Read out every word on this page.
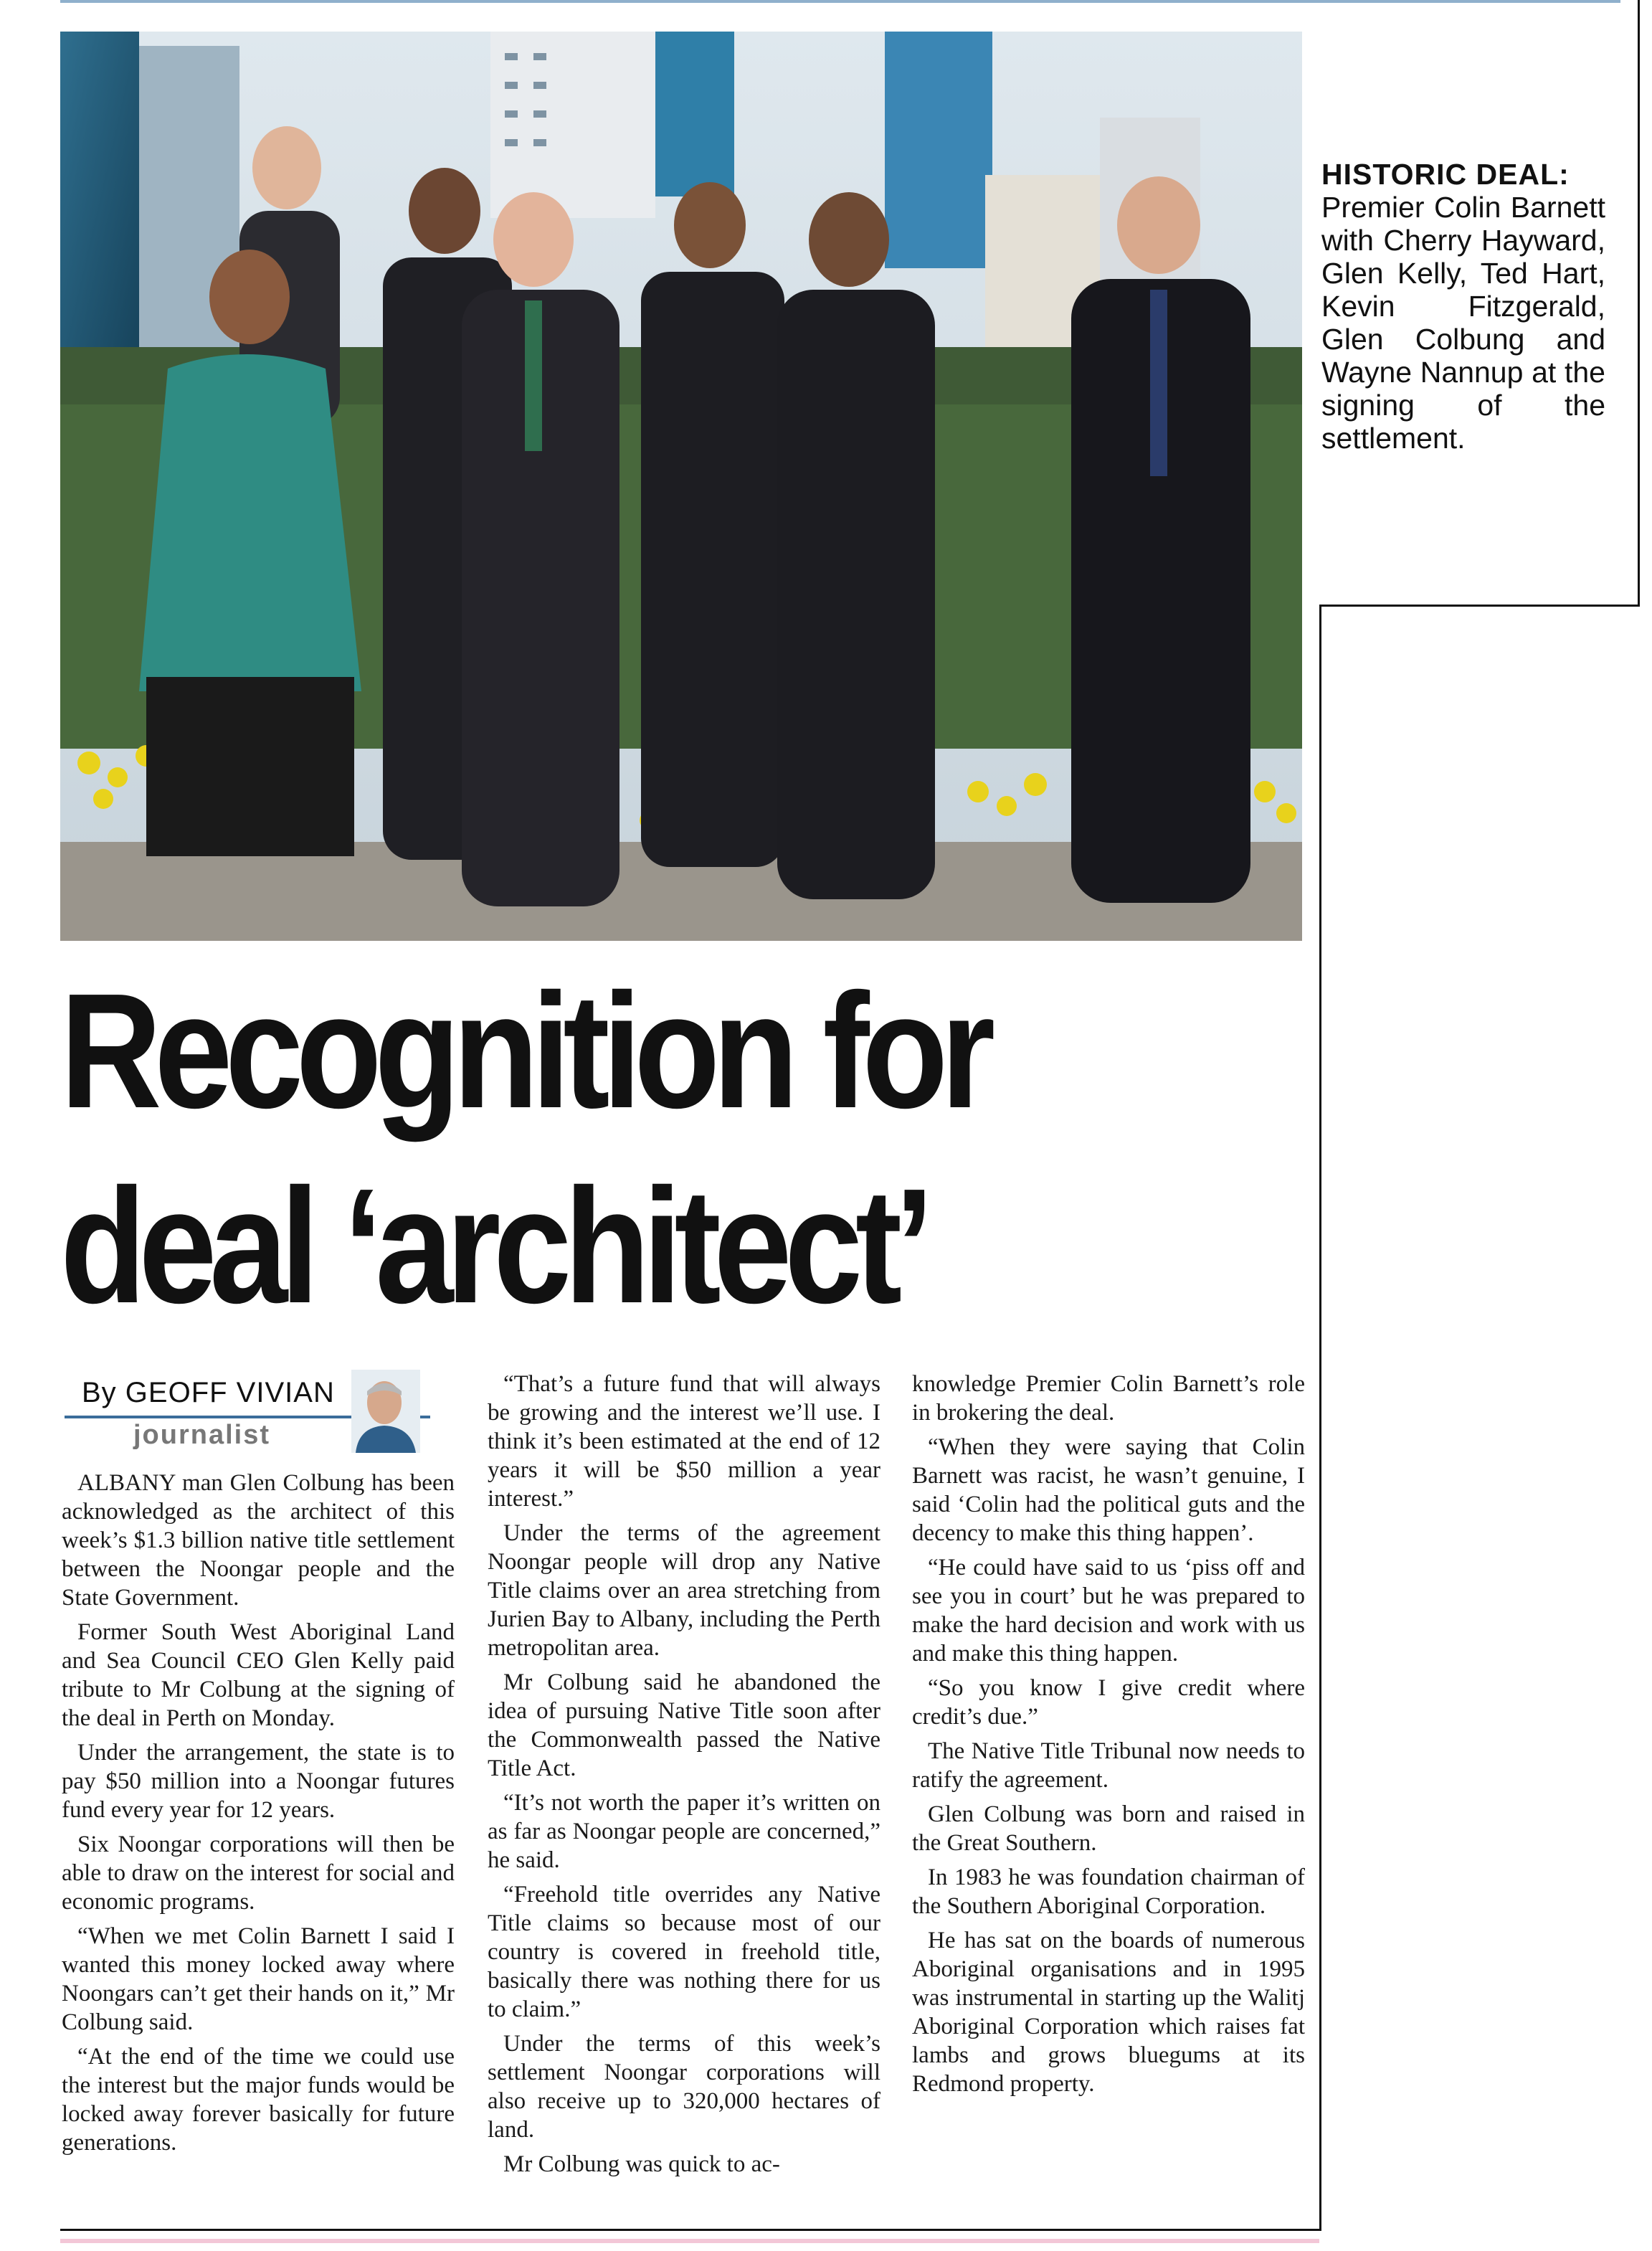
HISTORIC DEAL:
Premier Colin Barnett with Cherry Hayward, Glen Kelly, Ted Hart, Kevin Fitzgerald, Glen Colbung and Wayne Nannup at the signing of the settlement.
Recognition for
deal ‘architect’
By GEOFF VIVIAN
journalist

ALBANY man Glen Colbung has been acknowledged as the architect of this week’s $1.3 billion native title settlement between the Noongar people and the State Government.

Former South West Aboriginal Land and Sea Council CEO Glen Kelly paid tribute to Mr Colbung at the signing of the deal in Perth on Monday.

Under the arrangement, the state is to pay $50 million into a Noongar futures fund every year for 12 years.

Six Noongar corporations will then be able to draw on the interest for social and economic programs.

“When we met Colin Barnett I said I wanted this money locked away where Noongars can’t get their hands on it,” Mr Colbung said.

“At the end of the time we could use the interest but the major funds would be locked away forever basically for future generations.

“That’s a future fund that will always be growing and the interest we’ll use. I think it’s been estimated at the end of 12 years it will be $50 million a year interest.”

Under the terms of the agreement Noongar people will drop any Native Title claims over an area stretching from Jurien Bay to Albany, including the Perth metropolitan area.

Mr Colbung said he abandoned the idea of pursuing Native Title soon after the Commonwealth passed the Native Title Act.

“It’s not worth the paper it’s written on as far as Noongar people are concerned,” he said.

“Freehold title overrides any Native Title claims so because most of our country is covered in freehold title, basically there was nothing there for us to claim.”

Under the terms of this week’s settlement Noongar corporations will also receive up to 320,000 hectares of land.

Mr Colbung was quick to ac-

knowledge Premier Colin Barnett’s role in brokering the deal.

“When they were saying that Colin Barnett was racist, he wasn’t genuine, I said ‘Colin had the political guts and the decency to make this thing happen’.

“He could have said to us ‘piss off and see you in court’ but he was prepared to make the hard decision and work with us and make this thing happen.

“So you know I give credit where credit’s due.”

The Native Title Tribunal now needs to ratify the agreement.

Glen Colbung was born and raised in the Great Southern.

In 1983 he was foundation chairman of the Southern Aboriginal Corporation.

He has sat on the boards of numerous Aboriginal organisations and in 1995 was instrumental in starting up the Walitj Aboriginal Corporation which raises fat lambs and grows bluegums at its Redmond property.
